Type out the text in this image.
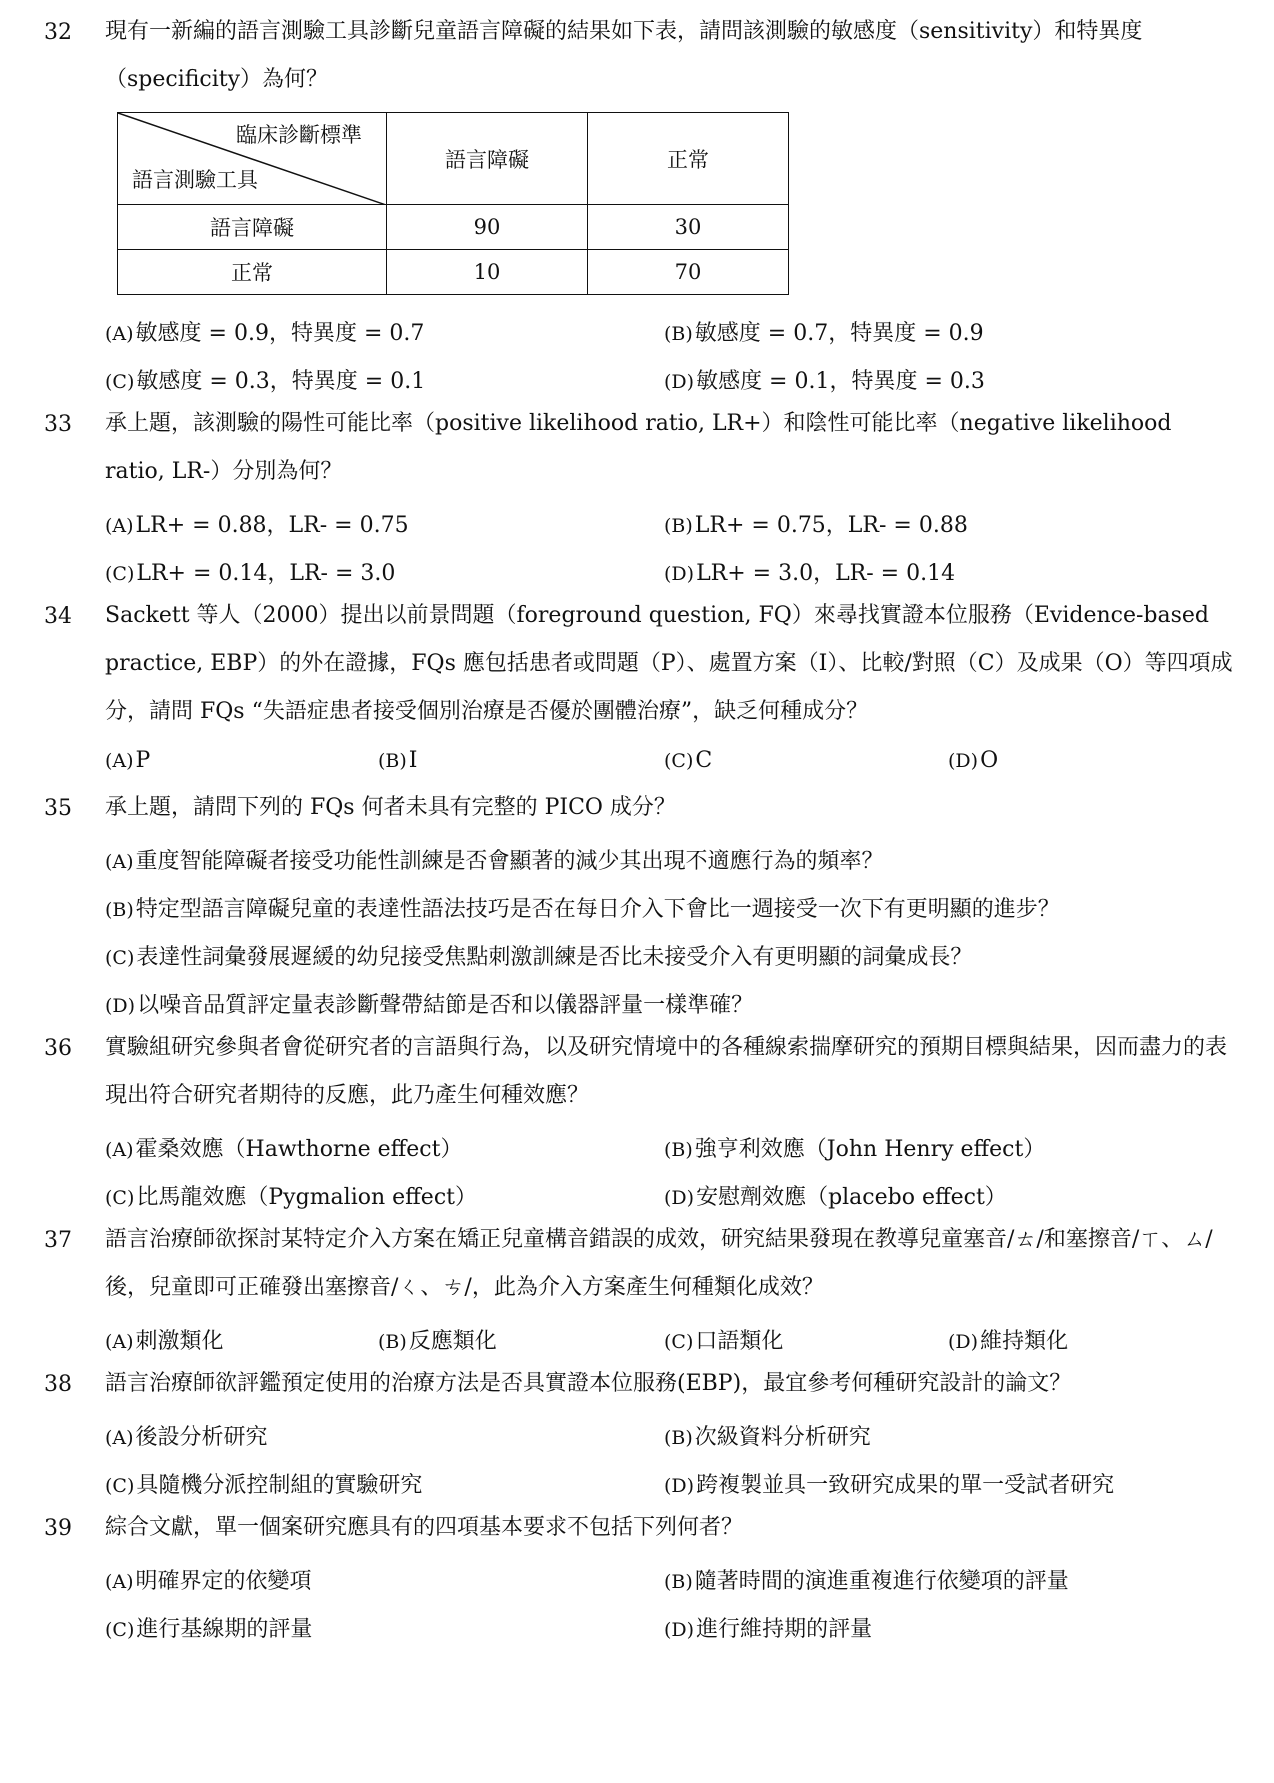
32	現有一新編的語言測驗工具診斷兒童語言障礙的結果如下表，請問該測驗的敏感度（sensitivity）和特異度（specificity）為何？
臨床診斷標準
語言測驗工具	語言障礙	正常
語言障礙	90	30
正常	10	70
(A)敏感度 = 0.9，特異度 = 0.7	(B)敏感度 = 0.7，特異度 = 0.9
(C)敏感度 = 0.3，特異度 = 0.1	(D)敏感度 = 0.1，特異度 = 0.3
33	承上題，該測驗的陽性可能比率（positive likelihood ratio, LR+）和陰性可能比率（negative likelihood ratio, LR-）分別為何？
(A)LR+ = 0.88，LR- = 0.75	(B)LR+ = 0.75，LR- = 0.88
(C)LR+ = 0.14，LR- = 3.0	(D)LR+ = 3.0，LR- = 0.14
34	Sackett 等人（2000）提出以前景問題（foreground question, FQ）來尋找實證本位服務（Evidence-based practice, EBP）的外在證據，FQs 應包括患者或問題（P）、處置方案（I）、比較/對照（C）及成果（O）等四項成分，請問 FQs “失語症患者接受個別治療是否優於團體治療”，缺乏何種成分？
(A)P	(B)I	(C)C	(D)O
35	承上題，請問下列的 FQs 何者未具有完整的 PICO 成分？
(A)重度智能障礙者接受功能性訓練是否會顯著的減少其出現不適應行為的頻率？
(B)特定型語言障礙兒童的表達性語法技巧是否在每日介入下會比一週接受一次下有更明顯的進步？
(C)表達性詞彙發展遲緩的幼兒接受焦點刺激訓練是否比未接受介入有更明顯的詞彙成長？
(D)以噪音品質評定量表診斷聲帶結節是否和以儀器評量一樣準確？
36	實驗組研究參與者會從研究者的言語與行為，以及研究情境中的各種線索揣摩研究的預期目標與結果，因而盡力的表現出符合研究者期待的反應，此乃產生何種效應？
(A)霍桑效應（Hawthorne effect）	(B)強亨利效應（John Henry effect）
(C)比馬龍效應（Pygmalion effect）	(D)安慰劑效應（placebo effect）
37	語言治療師欲探討某特定介入方案在矯正兒童構音錯誤的成效，研究結果發現在教導兒童塞音/ㄊ/和塞擦音/ㄒ、ㄙ/後，兒童即可正確發出塞擦音/ㄑ、ㄘ/，此為介入方案產生何種類化成效？
(A)刺激類化	(B)反應類化	(C)口語類化	(D)維持類化
38	語言治療師欲評鑑預定使用的治療方法是否具實證本位服務(EBP)，最宜參考何種研究設計的論文？
(A)後設分析研究	(B)次級資料分析研究
(C)具隨機分派控制組的實驗研究	(D)跨複製並具一致研究成果的單一受試者研究
39	綜合文獻，單一個案研究應具有的四項基本要求不包括下列何者？
(A)明確界定的依變項	(B)隨著時間的演進重複進行依變項的評量
(C)進行基線期的評量	(D)進行維持期的評量
